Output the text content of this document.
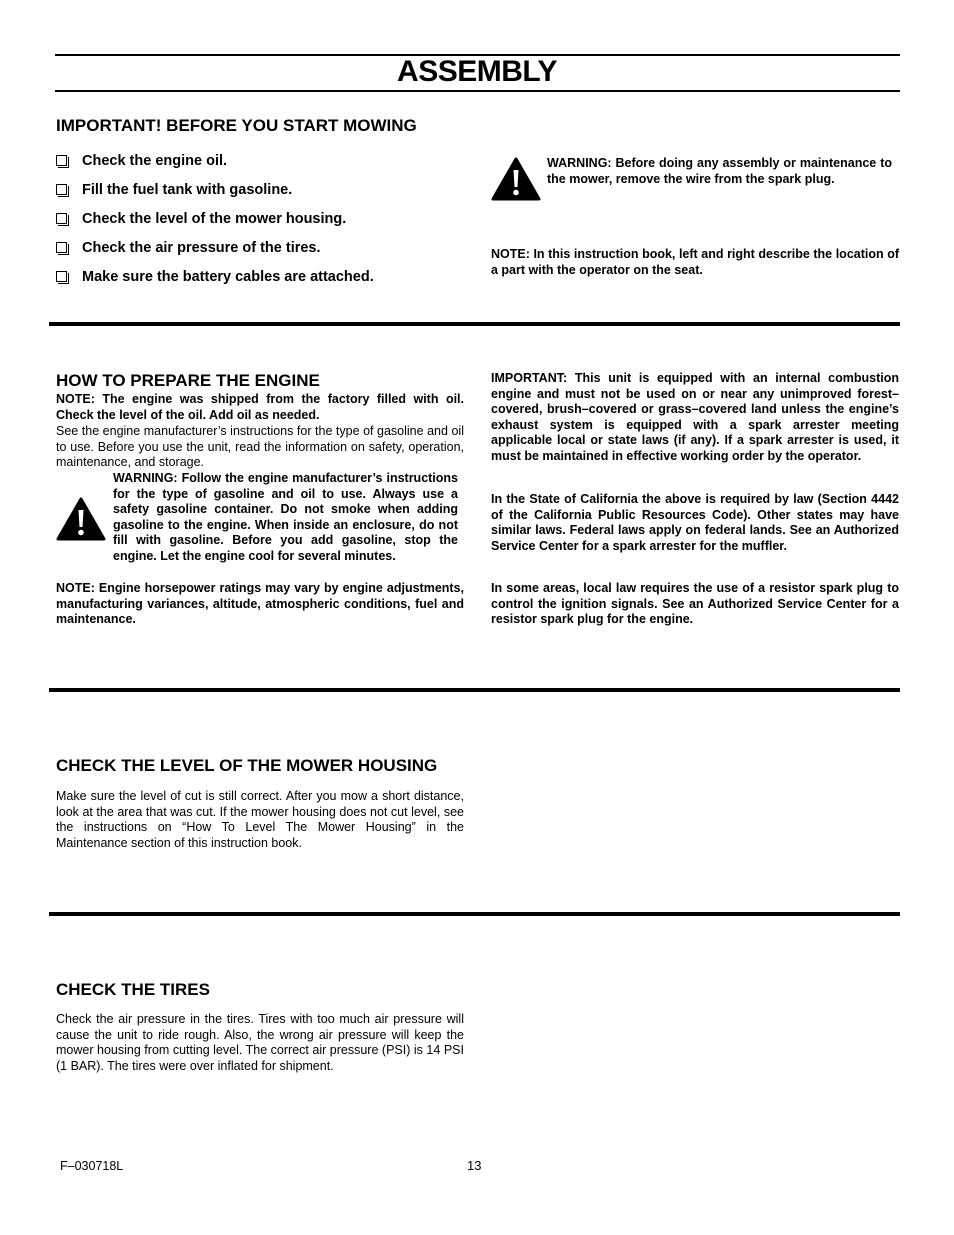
ASSEMBLY
IMPORTANT! BEFORE YOU START MOWING
Check the engine oil.
Fill the fuel tank with gasoline.
Check the level of the mower housing.
Check the air pressure of the tires.
Make sure the battery cables are attached.

WARNING: Before doing any assembly or maintenance to the mower, remove the wire from the spark plug.

NOTE: In this instruction book, left and right describe the location of a part with the operator on the seat.

HOW TO PREPARE THE ENGINE

NOTE: The engine was shipped from the factory filled with oil. Check the level of the oil. Add oil as needed.

See the engine manufacturer’s instructions for the type of gasoline and oil to use. Before you use the unit, read the information on safety, operation, maintenance, and storage.

WARNING: Follow the engine manufacturer’s instructions for the type of gasoline and oil to use. Always use a safety gasoline container. Do not smoke when adding gasoline to the engine. When inside an enclosure, do not fill with gasoline. Before you add gasoline, stop the engine. Let the engine cool for several minutes.

NOTE: Engine horsepower ratings may vary by engine adjustments, manufacturing variances, altitude, atmospheric conditions, fuel and maintenance.

IMPORTANT: This unit is equipped with an internal combustion engine and must not be used on or near any unimproved forest–covered, brush–covered or grass–covered land unless the engine’s exhaust system is equipped with a spark arrester meeting applicable local or state laws (if any). If a spark arrester is used, it must be maintained in effective working order by the operator.

In the State of California the above is required by law (Section 4442 of the California Public Resources Code). Other states may have similar laws. Federal laws apply on federal lands. See an Authorized Service Center for a spark arrester for the muffler.

In some areas, local law requires the use of a resistor spark plug to control the ignition signals. See an Authorized Service Center for a resistor spark plug for the engine.

CHECK THE LEVEL OF THE MOWER HOUSING

Make sure the level of cut is still correct. After you mow a short distance, look at the area that was cut. If the mower housing does not cut level, see the instructions on “How To Level The Mower Housing” in the Maintenance section of this instruction book.

CHECK THE TIRES

Check the air pressure in the tires. Tires with too much air pressure will cause the unit to ride rough. Also, the wrong air pressure will keep the mower housing from cutting level. The correct air pressure (PSI) is 14 PSI (1 BAR). The tires were over inflated for shipment.

F–030718L	13
